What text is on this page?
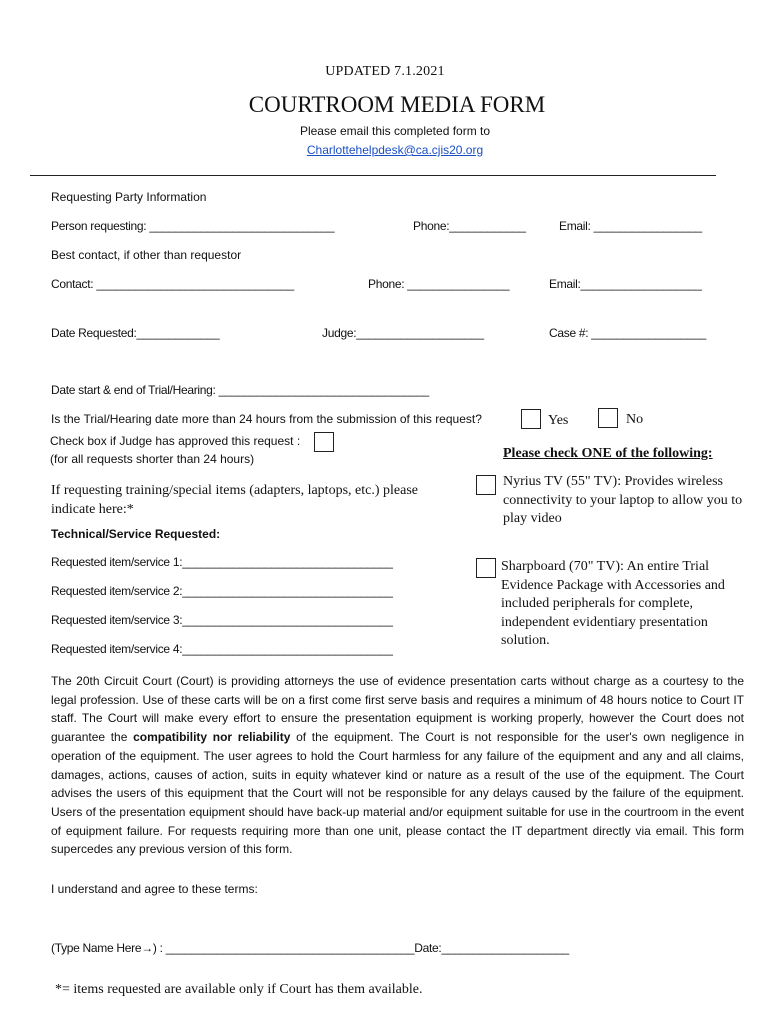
UPDATED 7.1.2021
COURTROOM MEDIA FORM
Please email this completed form to
Charlottehelpdesk@ca.cjis20.org
Requesting Party Information
Person requesting: _____________________________	Phone:____________	Email: _________________
Best contact, if other than requestor
Contact: _______________________________	Phone: ________________	Email:___________________
Date Requested:_____________	Judge:____________________	Case #: __________________
Date start & end of Trial/Hearing: _________________________________
Is the Trial/Hearing date more than 24 hours from the submission of this request?	Yes	No
Check box if Judge has approved this request :
(for all requests shorter than 24 hours)	Please check ONE of the following:
If requesting training/special items (adapters, laptops, etc.) please
indicate here:*
Technical/Service Requested:
Requested item/service 1:_________________________________
Requested item/service 2:_________________________________
Requested item/service 3:_________________________________
Requested item/service 4:_________________________________
Nyrius TV (55" TV): Provides wireless connectivity to your laptop to allow you to play video
Sharpboard (70" TV): An entire Trial Evidence Package with Accessories and included peripherals for complete, independent evidentiary presentation solution.
The 20th Circuit Court (Court) is providing attorneys the use of evidence presentation carts without charge as a courtesy to the legal profession. Use of these carts will be on a first come first serve basis and requires a minimum of 48 hours notice to Court IT staff. The Court will make every effort to ensure the presentation equipment is working properly, however the Court does not guarantee the compatibility nor reliability of the equipment. The Court is not responsible for the user's own negligence in operation of the equipment. The user agrees to hold the Court harmless for any failure of the equipment and any and all claims, damages, actions, causes of action, suits in equity whatever kind or nature as a result of the use of the equipment. The Court advises the users of this equipment that the Court will not be responsible for any delays caused by the failure of the equipment. Users of the presentation equipment should have back-up material and/or equipment suitable for use in the courtroom in the event of equipment failure. For requests requiring more than one unit, please contact the IT department directly via email. This form supercedes any previous version of this form.
I understand and agree to these terms:
(Type Name Here→) : _______________________________________Date:____________________
*= items requested are available only if Court has them available.
